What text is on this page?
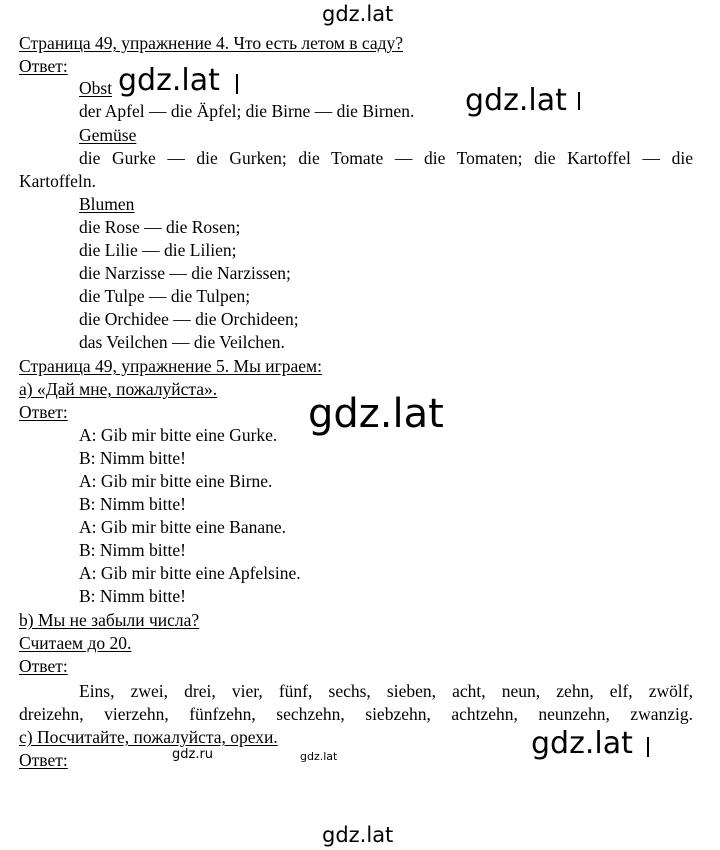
gdz.lat
gdz.lat
gdz.lat
gdz.lat
gdz.lat
gdz.ru	gdz.lat
gdz.lat
Страница 49, упражнение 4. Что есть летом в саду?
Ответ:
Obst
der Apfel — die Äpfel; die Birne — die Birnen.
Gemüse
die Gurke — die Gurken; die Tomate — die Tomaten; die Kartoffel — die
Kartoffeln.
Blumen
die Rose — die Rosen;
die Lilie — die Lilien;
die Narzisse — die Narzissen;
die Tulpe — die Tulpen;
die Orchidee — die Orchideen;
das Veilchen — die Veilchen.
Страница 49, упражнение 5. Мы играем:
а) «Дай мне, пожалуйста».
Ответ:
A: Gib mir bitte eine Gurke.
B: Nimm bitte!
A: Gib mir bitte eine Birne.
B: Nimm bitte!
A: Gib mir bitte eine Banane.
B: Nimm bitte!
A: Gib mir bitte eine Apfelsine.
B: Nimm bitte!
b) Мы не забыли числа?
Считаем до 20.
Ответ:
Eins, zwei, drei, vier, fünf, sechs, sieben, acht, neun, zehn, elf, zwölf,
dreizehn, vierzehn, fünfzehn, sechzehn, siebzehn, achtzehn, neunzehn, zwanzig.
c) Посчитайте, пожалуйста, орехи.
Ответ:
